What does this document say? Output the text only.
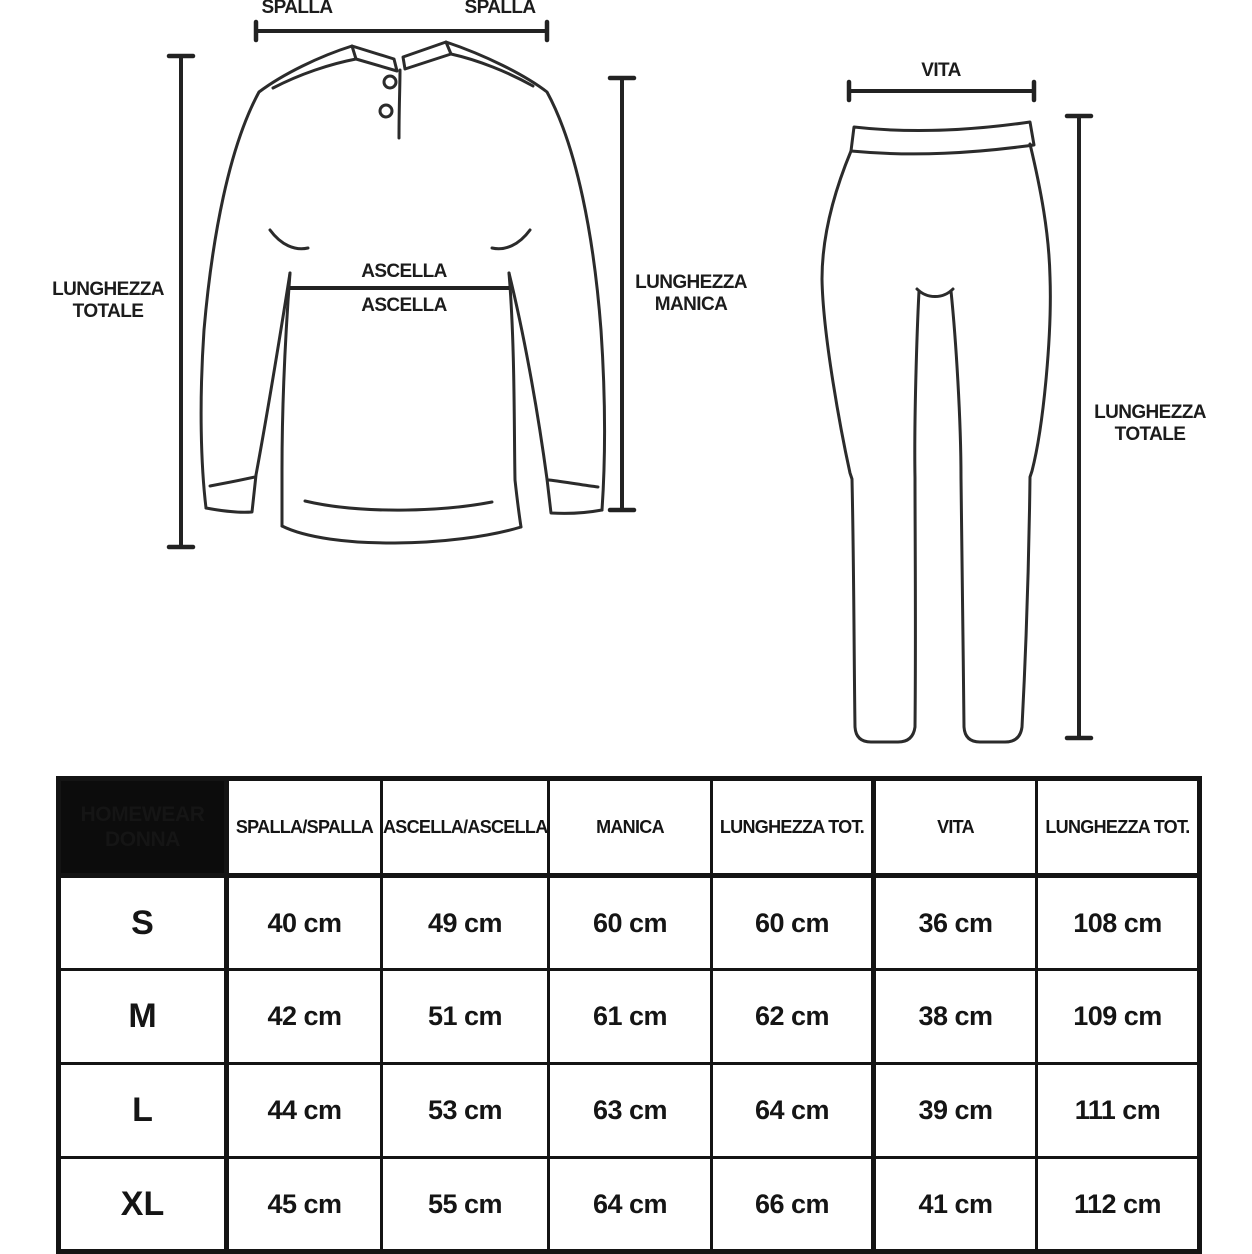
SPALLA	SPALLA
LUNGHEZZA
TOTALE
ASCELLA
ASCELLA
LUNGHEZZA
MANICA
VITA
LUNGHEZZA
TOTALE
HOMEWEAR DONNA	SPALLA/SPALLA	ASCELLA/ASCELLA	MANICA	LUNGHEZZA TOT.	VITA	LUNGHEZZA TOT.
S	40 cm	49 cm	60 cm	60 cm	36 cm	108 cm
M	42 cm	51 cm	61 cm	62 cm	38 cm	109 cm
L	44 cm	53 cm	63 cm	64 cm	39 cm	111 cm
XL	45 cm	55 cm	64 cm	66 cm	41 cm	112 cm
